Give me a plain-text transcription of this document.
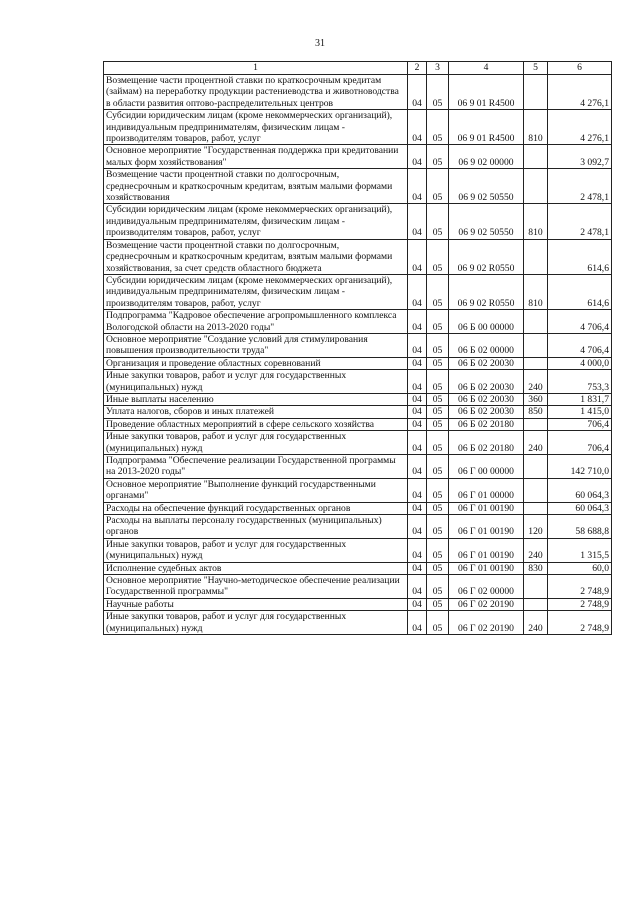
31
1	2	3	4	5	6
Возмещение части процентной ставки по краткосрочным кредитам (займам) на переработку продукции растениеводства и животноводства в области развития оптово-распределительных центров	04	05	06 9 01 R4500		4 276,1
Субсидии юридическим лицам (кроме некоммерческих организаций), индивидуальным предпринимателям, физическим лицам - производителям товаров, работ, услуг	04	05	06 9 01 R4500	810	4 276,1
Основное мероприятие "Государственная поддержка при кредитовании малых форм хозяйствования"	04	05	06 9 02 00000		3 092,7
Возмещение части процентной ставки по долгосрочным, среднесрочным и краткосрочным кредитам, взятым малыми формами хозяйствования	04	05	06 9 02 50550		2 478,1
Субсидии юридическим лицам (кроме некоммерческих организаций), индивидуальным предпринимателям, физическим лицам - производителям товаров, работ, услуг	04	05	06 9 02 50550	810	2 478,1
Возмещение части процентной ставки по долгосрочным, среднесрочным и краткосрочным кредитам, взятым малыми формами хозяйствования, за счет средств областного бюджета	04	05	06 9 02 R0550		614,6
Субсидии юридическим лицам (кроме некоммерческих организаций), индивидуальным предпринимателям, физическим лицам - производителям товаров, работ, услуг	04	05	06 9 02 R0550	810	614,6
Подпрограмма "Кадровое обеспечение агропромышленного комплекса Вологодской области на 2013-2020 годы"	04	05	06 Б 00 00000		4 706,4
Основное мероприятие "Создание условий для стимулирования повышения производительности труда"	04	05	06 Б 02 00000		4 706,4
Организация и проведение областных соревнований	04	05	06 Б 02 20030		4 000,0
Иные закупки товаров, работ и услуг для государственных (муниципальных) нужд	04	05	06 Б 02 20030	240	753,3
Иные выплаты населению	04	05	06 Б 02 20030	360	1 831,7
Уплата налогов, сборов и иных платежей	04	05	06 Б 02 20030	850	1 415,0
Проведение областных мероприятий в сфере сельского хозяйства	04	05	06 Б 02 20180		706,4
Иные закупки товаров, работ и услуг для государственных (муниципальных) нужд	04	05	06 Б 02 20180	240	706,4
Подпрограмма "Обеспечение реализации Государственной программы на 2013-2020 годы"	04	05	06 Г 00 00000		142 710,0
Основное мероприятие "Выполнение функций государственными органами"	04	05	06 Г 01 00000		60 064,3
Расходы на обеспечение функций государственных органов	04	05	06 Г 01 00190		60 064,3
Расходы на выплаты персоналу государственных (муниципальных) органов	04	05	06 Г 01 00190	120	58 688,8
Иные закупки товаров, работ и услуг для государственных (муниципальных) нужд	04	05	06 Г 01 00190	240	1 315,5
Исполнение судебных актов	04	05	06 Г 01 00190	830	60,0
Основное мероприятие "Научно-методическое обеспечение реализации Государственной программы"	04	05	06 Г 02 00000		2 748,9
Научные работы	04	05	06 Г 02 20190		2 748,9
Иные закупки товаров, работ и услуг для государственных (муниципальных) нужд	04	05	06 Г 02 20190	240	2 748,9
